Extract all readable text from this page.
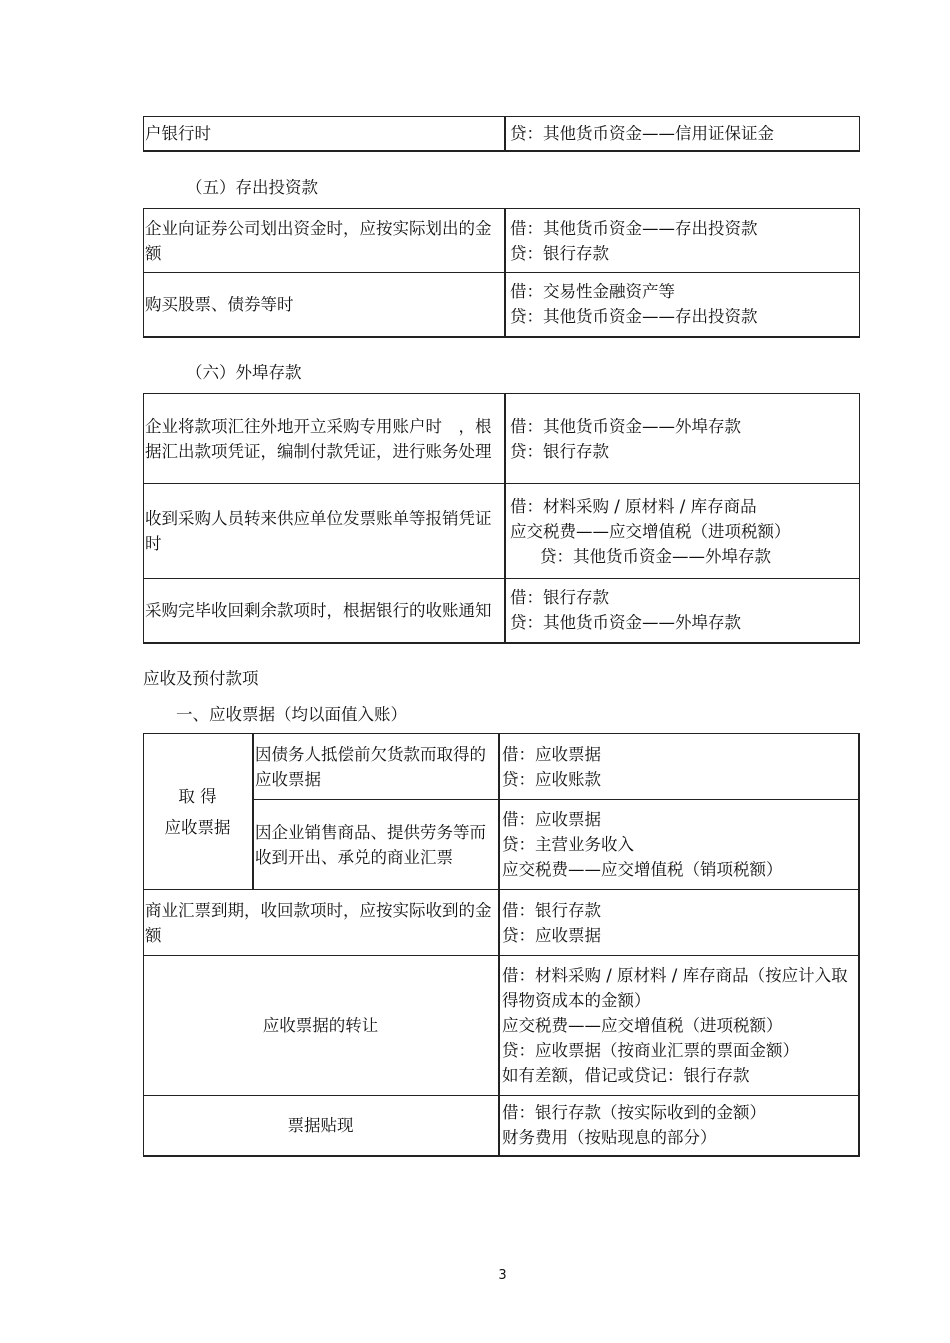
户银行时	贷：其他货币资金——信用证保证金
（五）存出投资款
企业向证券公司划出资金时，应按实际划出的金额	借：其他货币资金——存出投资款
贷：银行存款

购买股票、债券等时	借：交易性金融资产等
贷：其他货币资金——存出投资款
（六）外埠存款
企业将款项汇往外地开立采购专用账户时　，根据汇出款项凭证，编制付款凭证，进行账务处理	借：其他货币资金——外埠存款
贷：银行存款

收到采购人员转来供应单位发票账单等报销凭证时	借：材料采购 / 原材料 / 库存商品
应交税费——应交增值税（进项税额）
贷：其他货币资金——外埠存款

采购完毕收回剩余款项时，根据银行的收账通知	借：银行存款
贷：其他货币资金——外埠存款
应收及预付款项
一、应收票据（均以面值入账）
取 得
应收票据	因债务人抵偿前欠货款而取得的应收票据	借：应收票据
贷：应收账款

	因企业销售商品、提供劳务等而收到开出、承兑的商业汇票	借：应收票据
贷：主营业务收入
应交税费——应交增值税（销项税额）

商业汇票到期，收回款项时，应按实际收到的金额		借：银行存款
贷：应收票据

应收票据的转让		借：材料采购 / 原材料 / 库存商品（按应计入取得物资成本的金额）
应交税费——应交增值税（进项税额）
贷：应收票据（按商业汇票的票面金额）
如有差额，借记或贷记：银行存款

票据贴现		借：银行存款（按实际收到的金额）
财务费用（按贴现息的部分）
3
